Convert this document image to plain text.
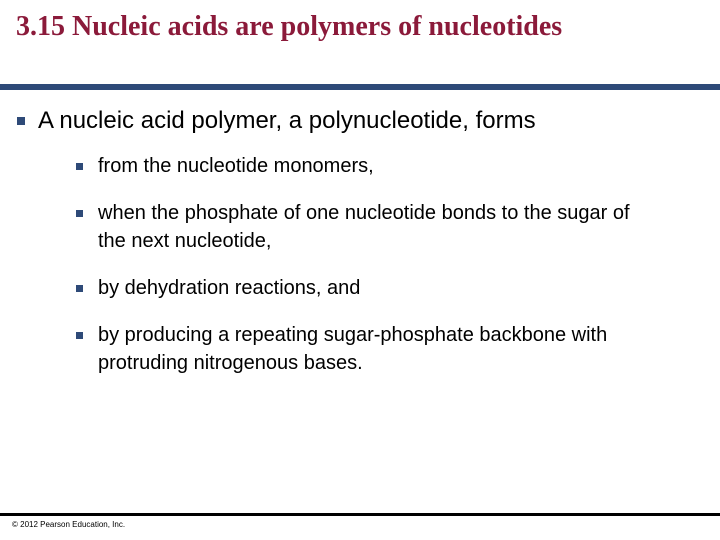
3.15 Nucleic acids are polymers of nucleotides
A nucleic acid polymer, a polynucleotide, forms
from the nucleotide monomers,
when the phosphate of one nucleotide bonds to the sugar of the next nucleotide,
by dehydration reactions, and
by producing a repeating sugar-phosphate backbone with protruding nitrogenous bases.
© 2012 Pearson Education, Inc.
